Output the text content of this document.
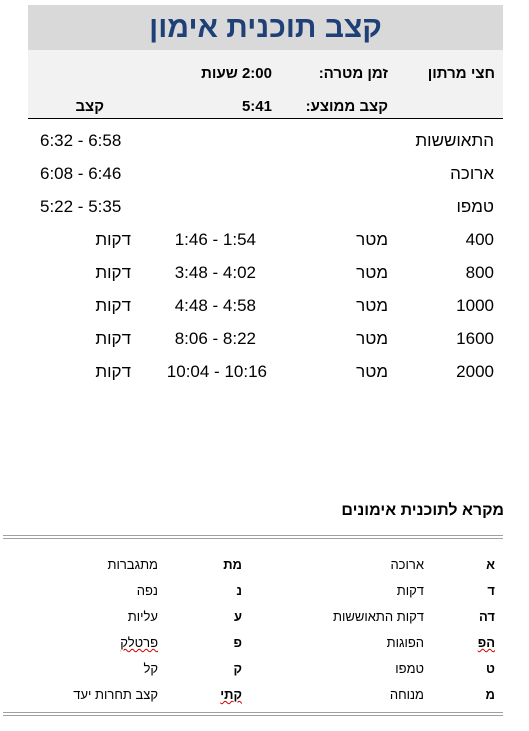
קצב תוכנית אימון
חצי מרתון
זמן מטרה:
2:00 שעות
קצב ממוצע:
5:41
קצב
התאוששות
6:32 - 6:58
ארוכה
6:08 - 6:46
טמפו
5:22 - 5:35
400
מטר
1:46 - 1:54
דקות
800
מטר
3:48 - 4:02
דקות
1000
מטר
4:48 - 4:58
דקות
1600
מטר
8:06 - 8:22
דקות
2000
מטר
10:04 - 10:16
דקות
מקרא לתוכנית אימונים
א
ארוכה
מת
מתגברות
ד
דקות
נ
נפה
דה
דקות התאוששות
ע
עליות
הפ
הפוגות
פ
פרטלק
ט
טמפו
ק
קל
מ
מנוחה
קתי
קצב תחרות יעד
